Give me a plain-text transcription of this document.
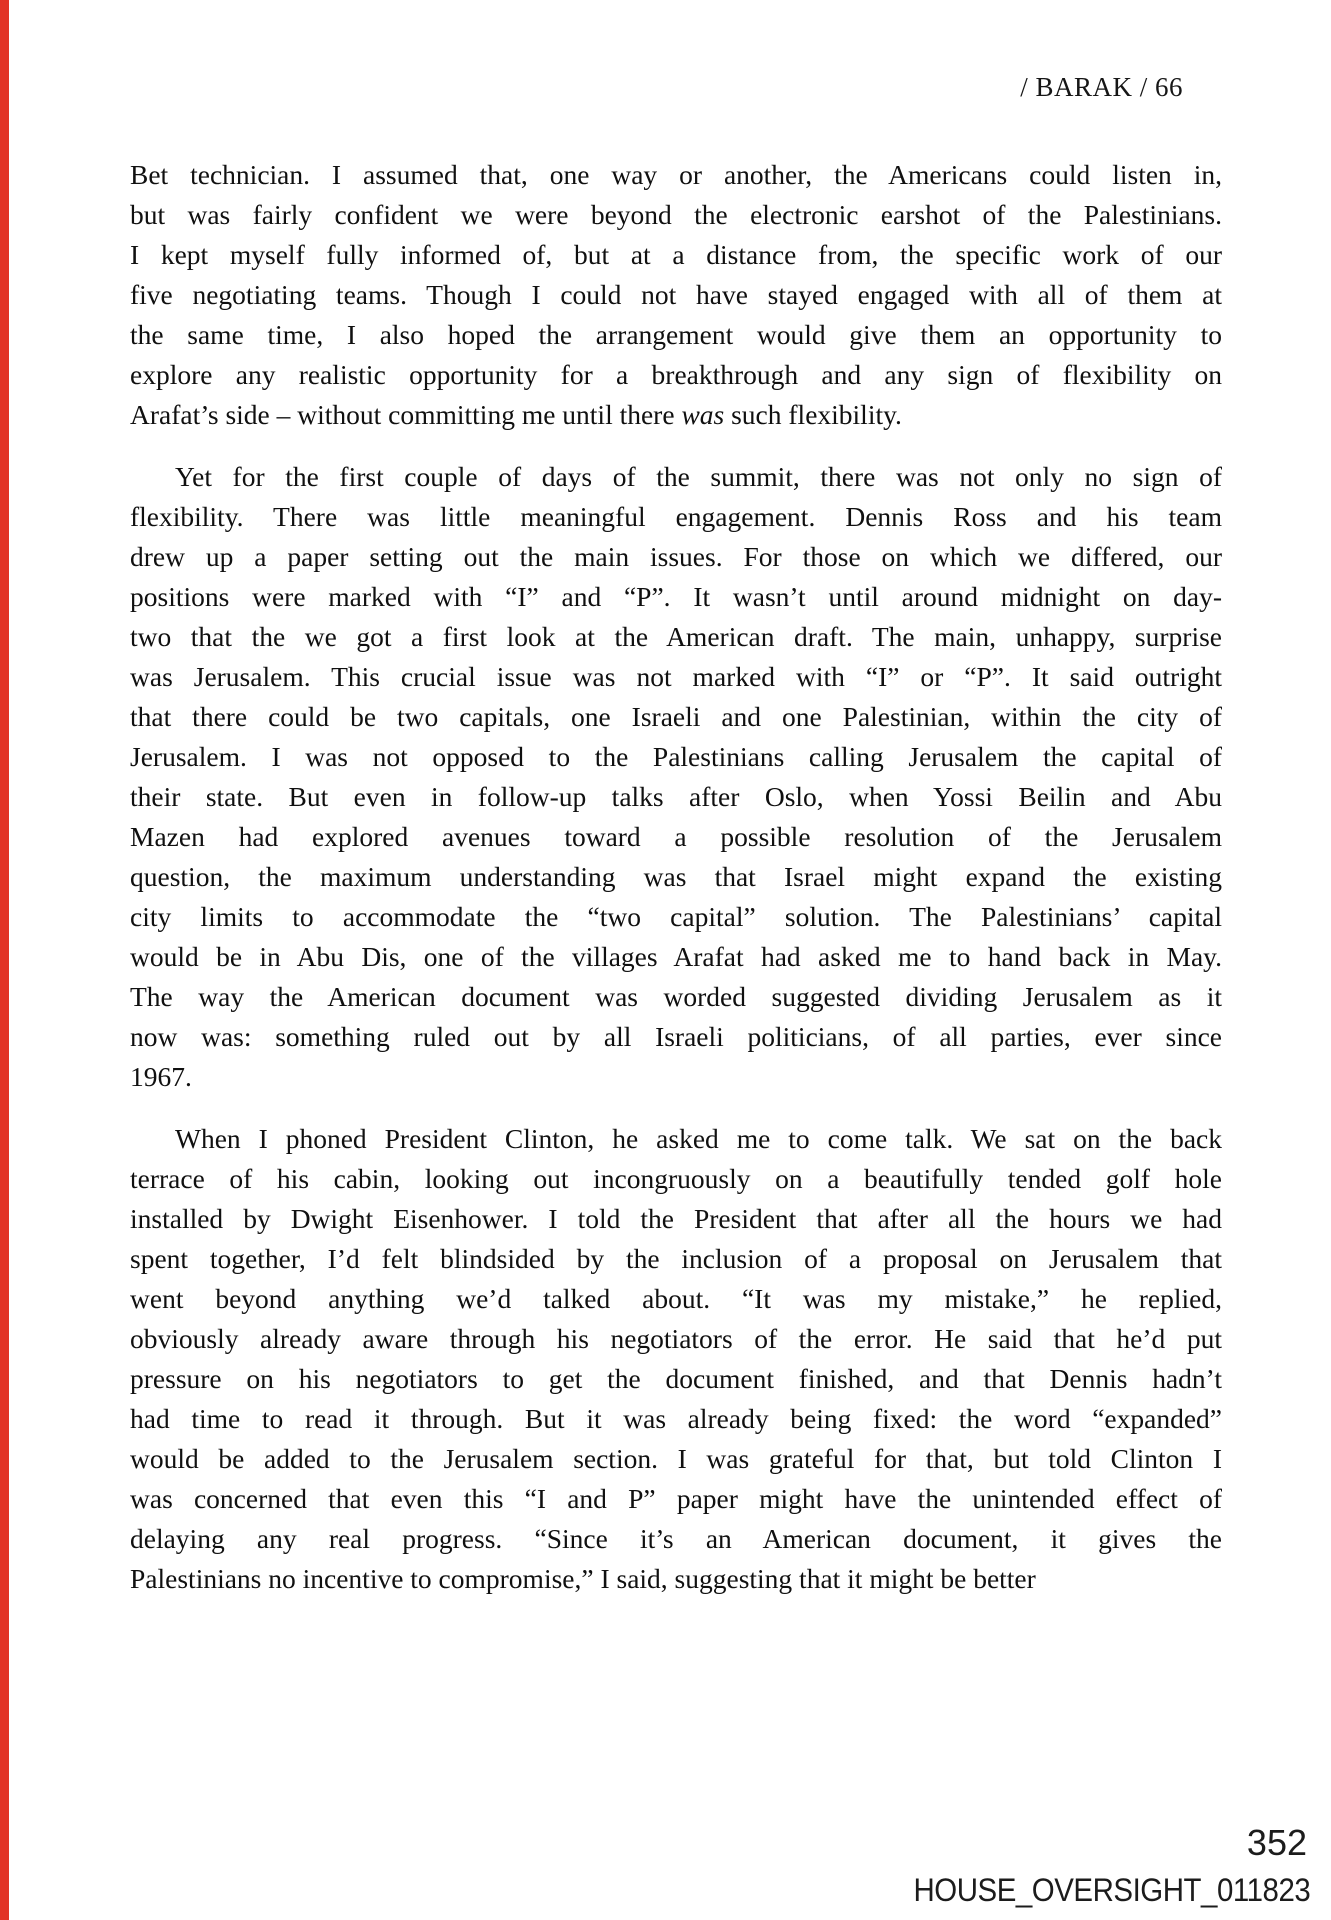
/ BARAK / 66
Bet technician. I assumed that, one way or another, the Americans could listen in,
but was fairly confident we were beyond the electronic earshot of the Palestinians.
I kept myself fully informed of, but at a distance from, the specific work of our
five negotiating teams. Though I could not have stayed engaged with all of them at
the same time, I also hoped the arrangement would give them an opportunity to
explore any realistic opportunity for a breakthrough and any sign of flexibility on
Arafat’s side – without committing me until there was such flexibility.
Yet for the first couple of days of the summit, there was not only no sign of
flexibility. There was little meaningful engagement. Dennis Ross and his team
drew up a paper setting out the main issues. For those on which we differed, our
positions were marked with “I” and “P”. It wasn’t until around midnight on day-
two that the we got a first look at the American draft. The main, unhappy, surprise
was Jerusalem. This crucial issue was not marked with “I” or “P”. It said outright
that there could be two capitals, one Israeli and one Palestinian, within the city of
Jerusalem. I was not opposed to the Palestinians calling Jerusalem the capital of
their state. But even in follow-up talks after Oslo, when Yossi Beilin and Abu
Mazen had explored avenues toward a possible resolution of the Jerusalem
question, the maximum understanding was that Israel might expand the existing
city limits to accommodate the “two capital” solution. The Palestinians’ capital
would be in Abu Dis, one of the villages Arafat had asked me to hand back in May.
The way the American document was worded suggested dividing Jerusalem as it
now was: something ruled out by all Israeli politicians, of all parties, ever since
1967.
When I phoned President Clinton, he asked me to come talk. We sat on the back
terrace of his cabin, looking out incongruously on a beautifully tended golf hole
installed by Dwight Eisenhower. I told the President that after all the hours we had
spent together, I’d felt blindsided by the inclusion of a proposal on Jerusalem that
went beyond anything we’d talked about. “It was my mistake,” he replied,
obviously already aware through his negotiators of the error. He said that he’d put
pressure on his negotiators to get the document finished, and that Dennis hadn’t
had time to read it through. But it was already being fixed: the word “expanded”
would be added to the Jerusalem section. I was grateful for that, but told Clinton I
was concerned that even this “I and P” paper might have the unintended effect of
delaying any real progress. “Since it’s an American document, it gives the
Palestinians no incentive to compromise,” I said, suggesting that it might be better
352
HOUSE_OVERSIGHT_011823
